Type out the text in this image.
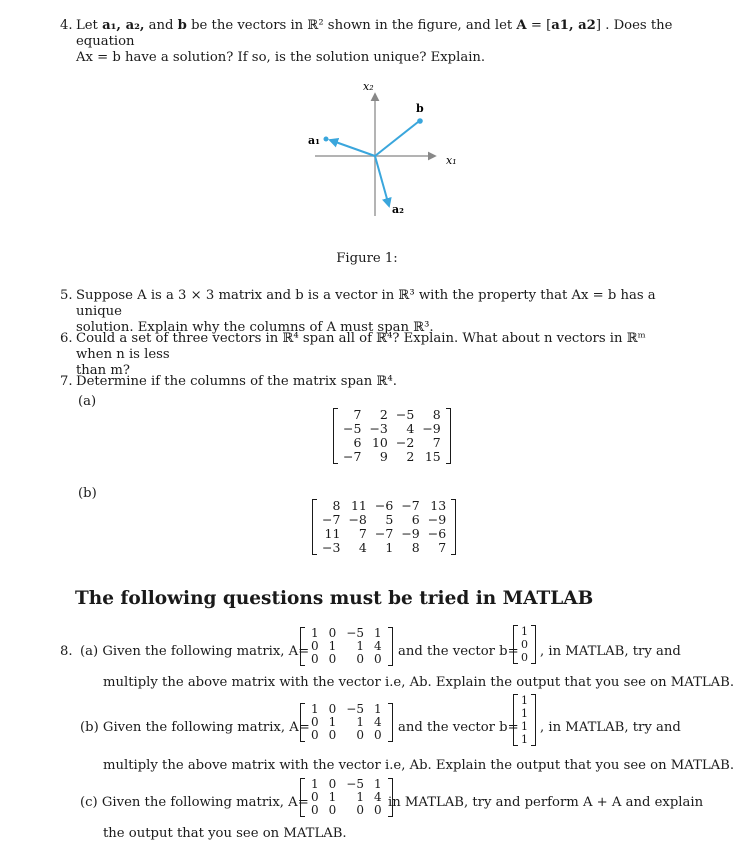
4. Let a₁, a₂, and b be the vectors in ℝ² shown in the figure, and let A = [a1, a2] . Does the equation
Ax = b have a solution? If so, is the solution unique? Explain.
x₂
x₁
a₁
a₂
b
Figure 1:
5. Suppose A is a 3 × 3 matrix and b is a vector in ℝ³ with the property that Ax = b has a unique
solution. Explain why the columns of A must span ℝ³.
6. Could a set of three vectors in ℝ⁴ span all of ℝ⁴? Explain. What about n vectors in ℝᵐ when n is less
than m?
7. Determine if the columns of the matrix span ℝ⁴.
(a)
7	2	−5	8
−5	−3	4	−9
6	10	−2	7
−7	9	2	15
(b)
8	11	−6	−7	13
−7	−8	5	6	−9
11	7	−7	−9	−6
−3	4	1	8	7
The following questions must be tried in MATLAB
8. (a) Given the following matrix, A=
1	0	−5	1
0	1	1	4
0	0	0	0 and the vector b=
1
0
0 , in MATLAB, try and
multiply the above matrix with the vector i.e, Ab. Explain the output that you see on MATLAB.
(b) Given the following matrix, A=
1	0	−5	1
0	1	1	4
0	0	0	0 and the vector b=
1
1
1
1
, in MATLAB, try and
multiply the above matrix with the vector i.e, Ab. Explain the output that you see on MATLAB.
(c) Given the following matrix, A=
1	0	−5	1
0	1	1	4
0	0	0	0 in MATLAB, try and perform A + A and explain
the output that you see on MATLAB.
